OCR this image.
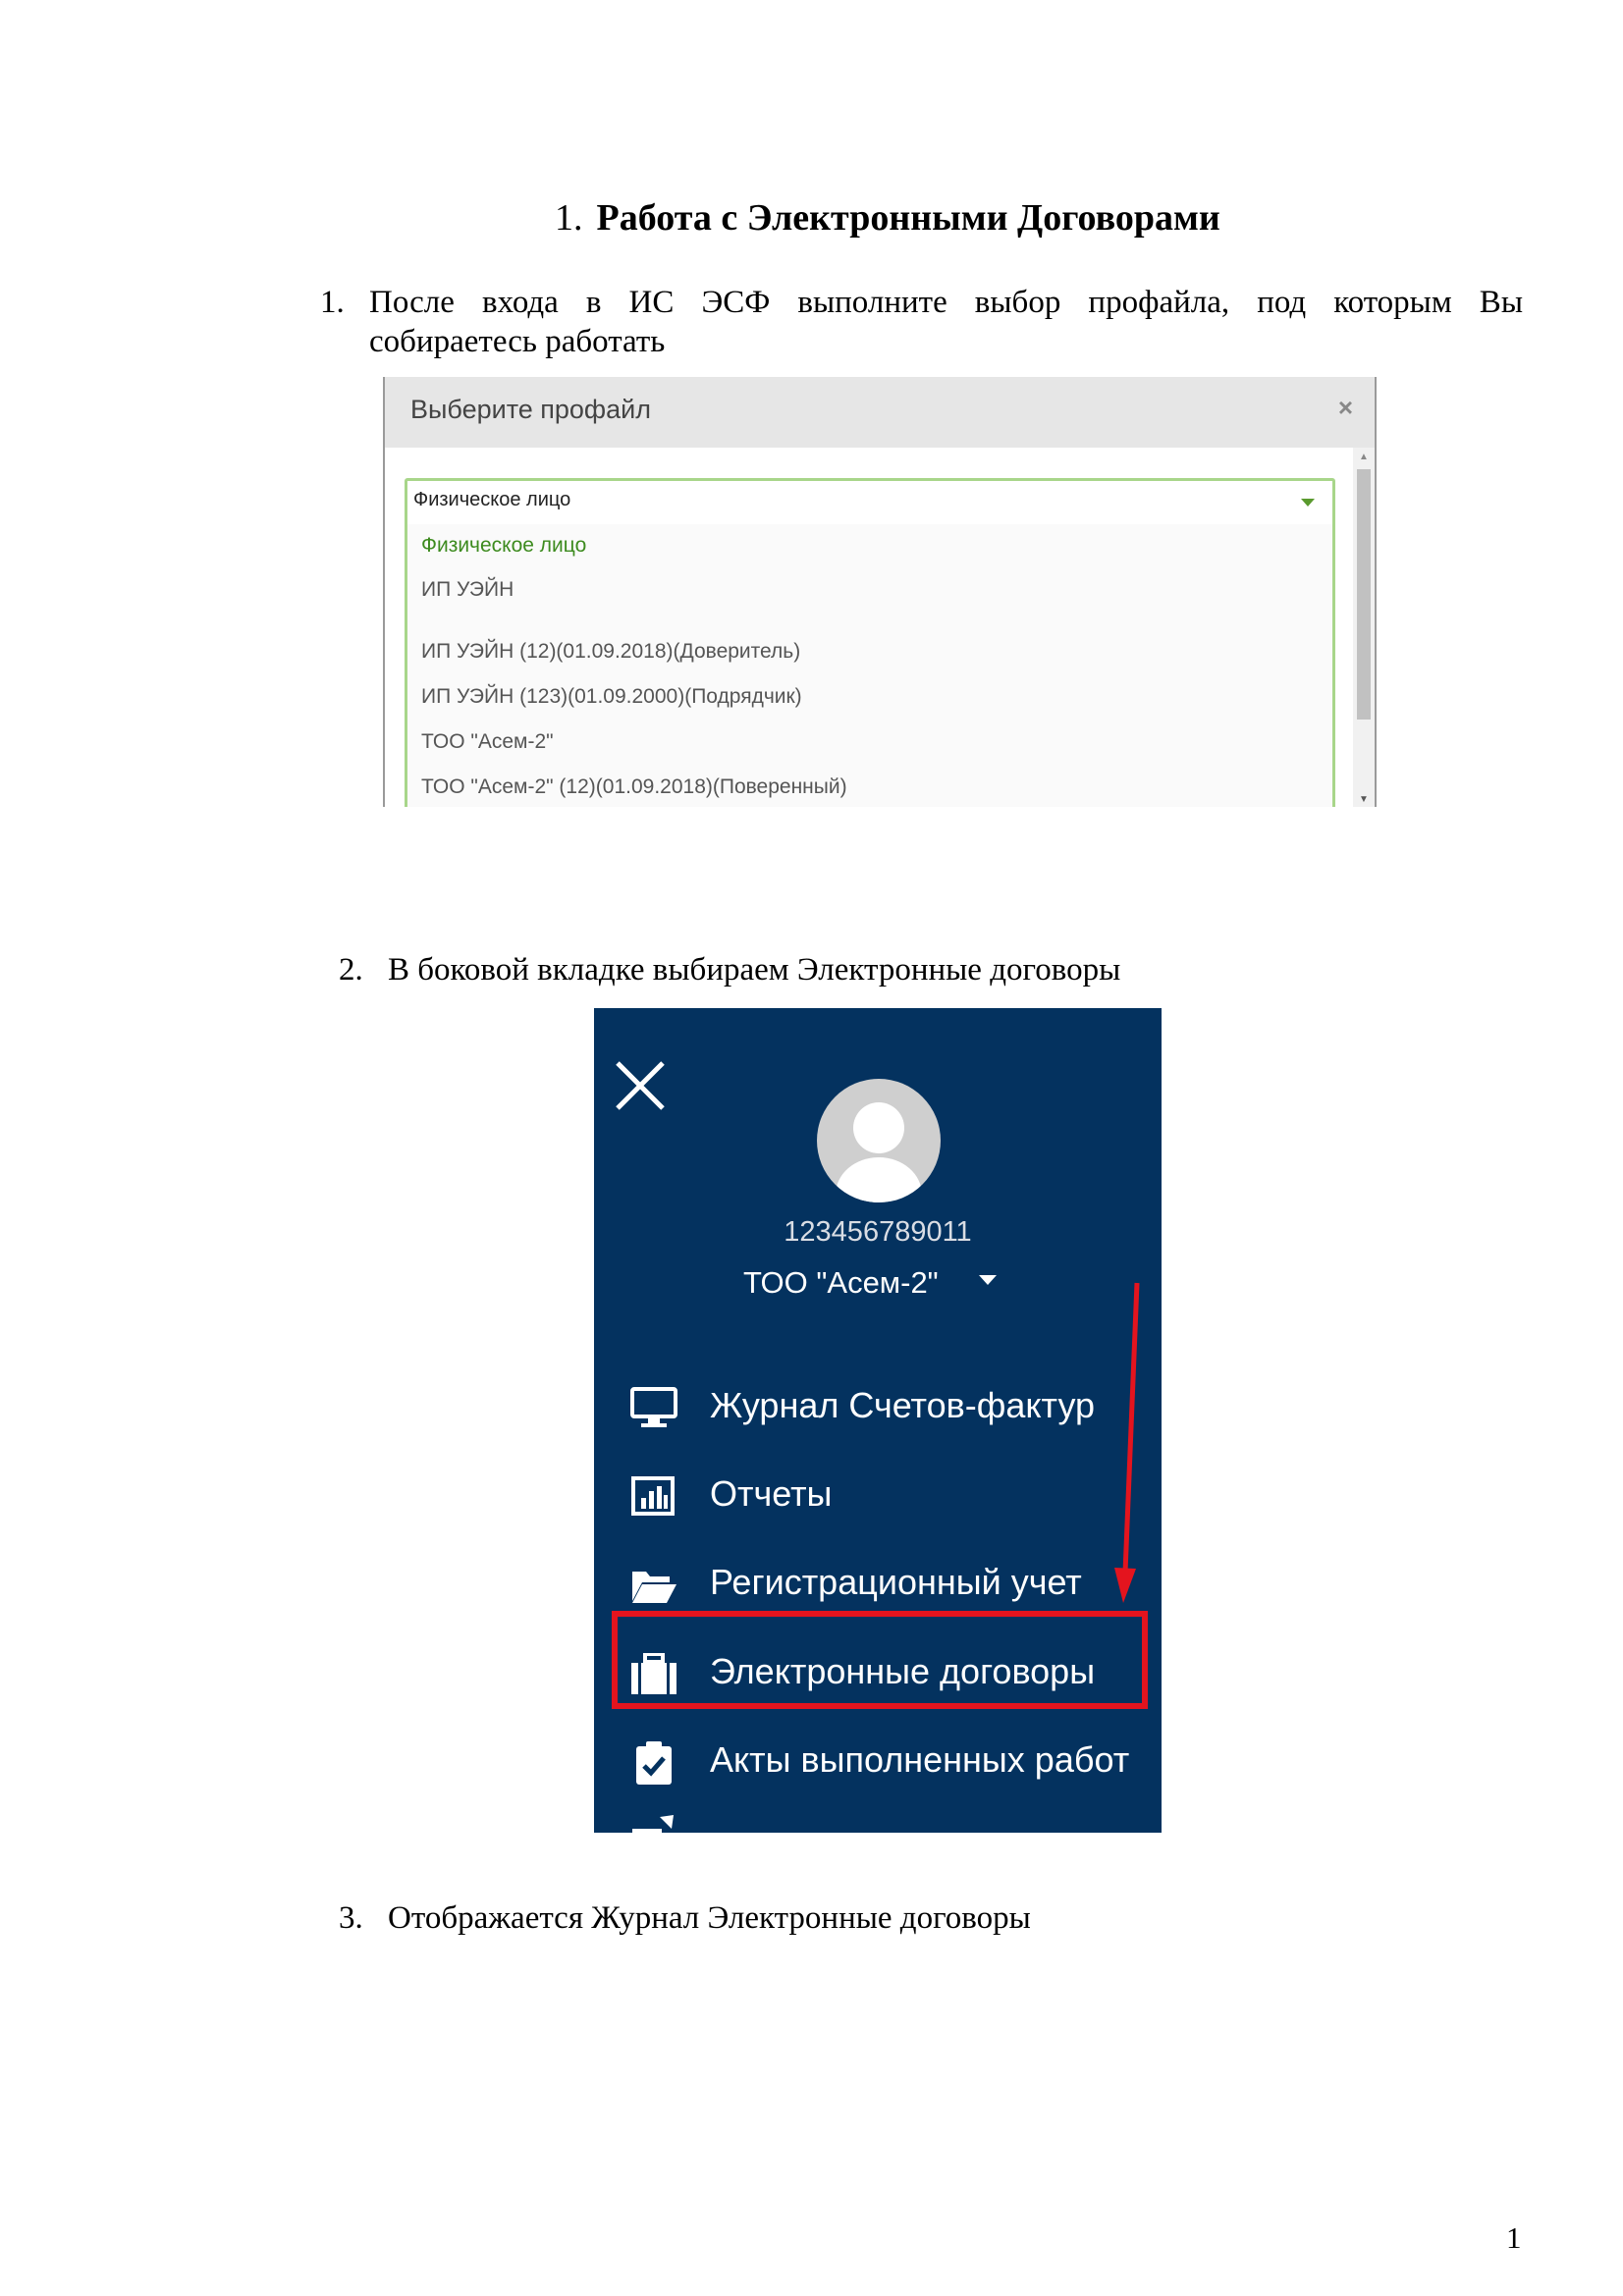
1. Работа с Электронными Договорами
1. После входа в ИС ЭСФ выполните выбор профайла, под которым Вы
собираетесь работать
Выберите профайл	×
Физическое лицо
Физическое лицо
ИП УЭЙН
ИП УЭЙН (12)(01.09.2018)(Доверитель)
ИП УЭЙН (123)(01.09.2000)(Подрядчик)
ТОО "Асем-2"
ТОО "Асем-2" (12)(01.09.2018)(Поверенный)
▲
▼
2. В боковой вкладке выбираем Электронные договоры
123456789011
ТОО "Асем-2"
Журнал Счетов-фактур
Отчеты
Регистрационный учет
Электронные договоры
Акты выполненных работ
3. Отображается Журнал Электронные договоры
1
